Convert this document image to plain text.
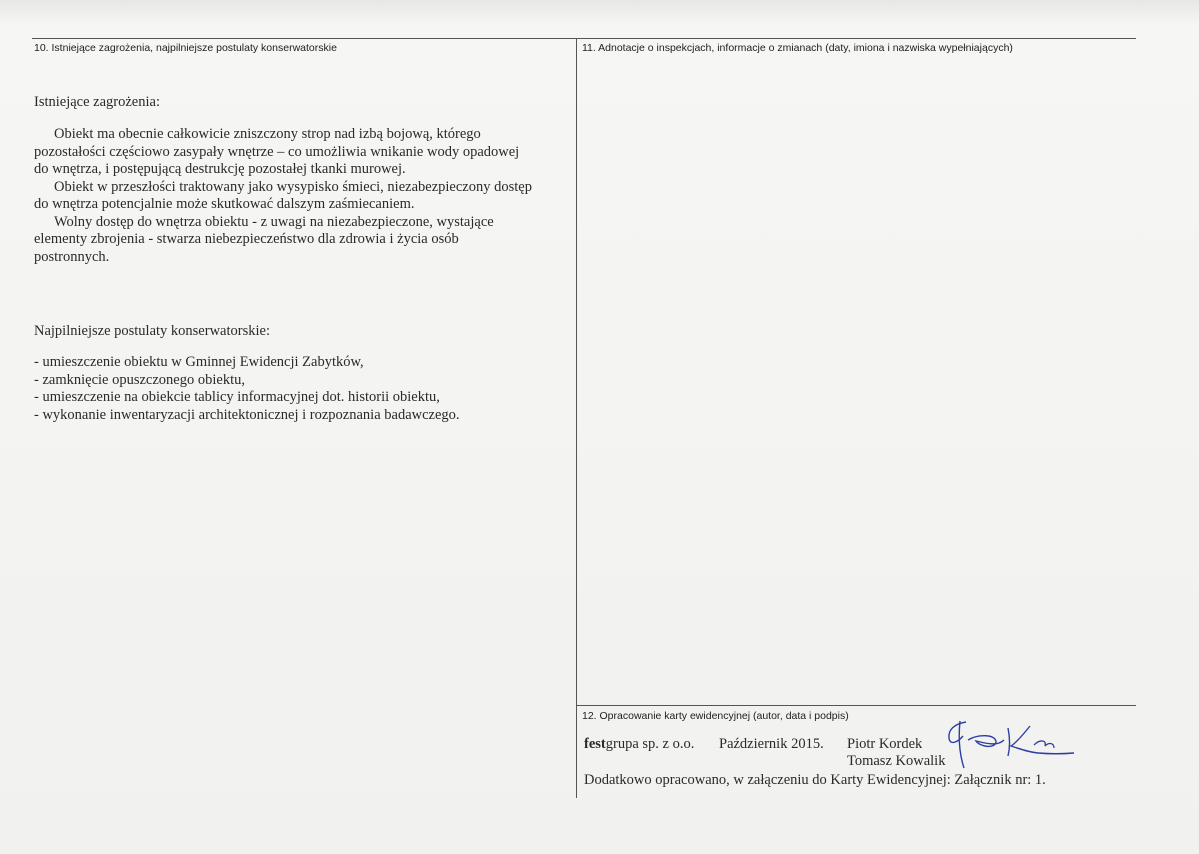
10. Istniejące zagrożenia, najpilniejsze postulaty konserwatorskie
Istniejące zagrożenia:

Obiekt ma obecnie całkowicie zniszczony strop nad izbą bojową, którego

pozostałości częściowo zasypały wnętrze – co umożliwia wnikanie wody opadowej

do wnętrza, i postępującą destrukcję pozostałej tkanki murowej.

Obiekt w przeszłości traktowany jako wysypisko śmieci, niezabezpieczony dostęp

do wnętrza potencjalnie może skutkować dalszym zaśmiecaniem.

Wolny dostęp do wnętrza obiektu - z uwagi na niezabezpieczone, wystające

elementy zbrojenia - stwarza niebezpieczeństwo dla zdrowia i życia osób

postronnych.

Najpilniejsze postulaty konserwatorskie:
- umieszczenie obiektu w Gminnej Ewidencji Zabytków,
- zamknięcie opuszczonego obiektu,
- umieszczenie na obiekcie tablicy informacyjnej dot. historii obiektu,
- wykonanie inwentaryzacji architektonicznej i rozpoznania badawczego.
11. Adnotacje o inspekcjach, informacje o zmianach (daty, imiona i nazwiska wypełniających)
12. Opracowanie karty ewidencyjnej (autor, data i podpis)
festgrupa sp. z o.o. Październik 2015. Piotr Kordek
Tomasz Kowalik
Dodatkowo opracowano, w załączeniu do Karty Ewidencyjnej: Załącznik nr: 1.
